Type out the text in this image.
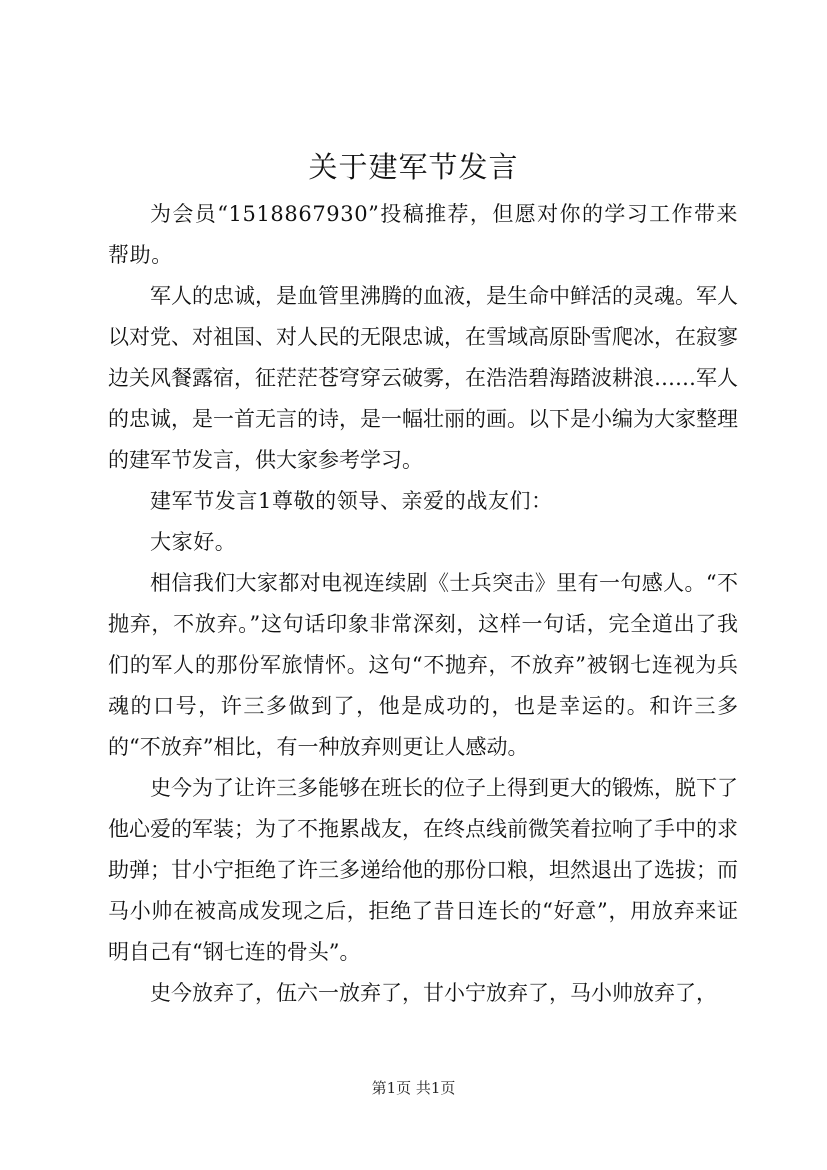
关于建军节发言

为会员“1518867930”投稿推荐，但愿对你的学习工作带来帮助。

军人的忠诚，是血管里沸腾的血液，是生命中鲜活的灵魂。军人以对党、对祖国、对人民的无限忠诚，在雪域高原卧雪爬冰，在寂寥边关风餐露宿，征茫茫苍穹穿云破雾，在浩浩碧海踏波耕浪……军人的忠诚，是一首无言的诗，是一幅壮丽的画。以下是小编为大家整理的建军节发言，供大家参考学习。

建军节发言1尊敬的领导、亲爱的战友们：

大家好。

相信我们大家都对电视连续剧《士兵突击》里有一句感人。“不抛弃，不放弃。”这句话印象非常深刻，这样一句话，完全道出了我们的军人的那份军旅情怀。这句“不抛弃，不放弃”被钢七连视为兵魂的口号，许三多做到了，他是成功的，也是幸运的。和许三多的“不放弃”相比，有一种放弃则更让人感动。

史今为了让许三多能够在班长的位子上得到更大的锻炼，脱下了他心爱的军装；为了不拖累战友，在终点线前微笑着拉响了手中的求助弹；甘小宁拒绝了许三多递给他的那份口粮，坦然退出了选拔；而马小帅在被高成发现之后，拒绝了昔日连长的“好意”，用放弃来证明自己有“钢七连的骨头”。

史今放弃了，伍六一放弃了，甘小宁放弃了，马小帅放弃了，

第1页 共1页
